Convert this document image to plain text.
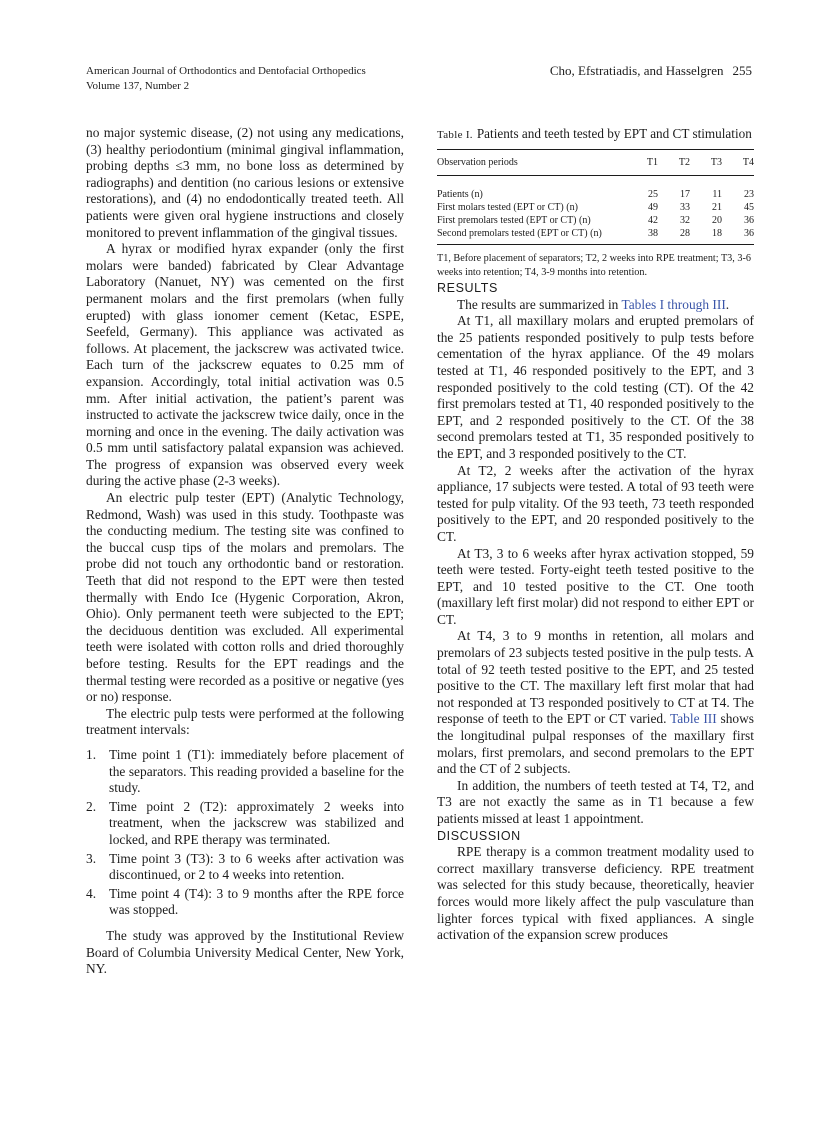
American Journal of Orthodontics and Dentofacial Orthopedics
Volume 137, Number 2
Cho, Efstratiadis, and Hasselgren 255

no major systemic disease, (2) not using any medications, (3) healthy periodontium (minimal gingival inflammation, probing depths ≤3 mm, no bone loss as determined by radiographs) and dentition (no carious lesions or extensive restorations), and (4) no endodontically treated teeth. All patients were given oral hygiene instructions and closely monitored to prevent inflammation of the gingival tissues.

A hyrax or modified hyrax expander (only the first molars were banded) fabricated by Clear Advantage Laboratory (Nanuet, NY) was cemented on the first permanent molars and the first premolars (when fully erupted) with glass ionomer cement (Ketac, ESPE, Seefeld, Germany). This appliance was activated as follows. At placement, the jackscrew was activated twice. Each turn of the jackscrew equates to 0.25 mm of expansion. Accordingly, total initial activation was 0.5 mm. After initial activation, the patient’s parent was instructed to activate the jackscrew twice daily, once in the morning and once in the evening. The daily activation was 0.5 mm until satisfactory palatal expansion was achieved. The progress of expansion was observed every week during the active phase (2-3 weeks).

An electric pulp tester (EPT) (Analytic Technology, Redmond, Wash) was used in this study. Toothpaste was the conducting medium. The testing site was confined to the buccal cusp tips of the molars and premolars. The probe did not touch any orthodontic band or restoration. Teeth that did not respond to the EPT were then tested thermally with Endo Ice (Hygenic Corporation, Akron, Ohio). Only permanent teeth were subjected to the EPT; the deciduous dentition was excluded. All experimental teeth were isolated with cotton rolls and dried thoroughly before testing. Results for the EPT readings and the thermal testing were recorded as a positive or negative (yes or no) response.

The electric pulp tests were performed at the following treatment intervals:

1. Time point 1 (T1): immediately before placement of the separators. This reading provided a baseline for the study.
2. Time point 2 (T2): approximately 2 weeks into treatment, when the jackscrew was stabilized and locked, and RPE therapy was terminated.
3. Time point 3 (T3): 3 to 6 weeks after activation was discontinued, or 2 to 4 weeks into retention.
4. Time point 4 (T4): 3 to 9 months after the RPE force was stopped.

The study was approved by the Institutional Review Board of Columbia University Medical Center, New York, NY.

Table I. Patients and teeth tested by EPT and CT stimulation
Observation periods	T1	T2	T3	T4
Patients (n)	25	17	11	23
First molars tested (EPT or CT) (n)	49	33	21	45
First premolars tested (EPT or CT) (n)	42	32	20	36
Second premolars tested (EPT or CT) (n)	38	28	18	36
T1, Before placement of separators; T2, 2 weeks into RPE treatment; T3, 3-6 weeks into retention; T4, 3-9 months into retention.
RESULTS

The results are summarized in Tables I through III.

At T1, all maxillary molars and erupted premolars of the 25 patients responded positively to pulp tests before cementation of the hyrax appliance. Of the 49 molars tested at T1, 46 responded positively to the EPT, and 3 responded positively to the cold testing (CT). Of the 42 first premolars tested at T1, 40 responded positively to the EPT, and 2 responded positively to the CT. Of the 38 second premolars tested at T1, 35 responded positively to the EPT, and 3 responded positively to the CT.

At T2, 2 weeks after the activation of the hyrax appliance, 17 subjects were tested. A total of 93 teeth were tested for pulp vitality. Of the 93 teeth, 73 teeth responded positively to the EPT, and 20 responded positively to the CT.

At T3, 3 to 6 weeks after hyrax activation stopped, 59 teeth were tested. Forty-eight teeth tested positive to the EPT, and 10 tested positive to the CT. One tooth (maxillary left first molar) did not respond to either EPT or CT.

At T4, 3 to 9 months in retention, all molars and premolars of 23 subjects tested positive in the pulp tests. A total of 92 teeth tested positive to the EPT, and 25 tested positive to the CT. The maxillary left first molar that had not responded at T3 responded positively to CT at T4. The response of teeth to the EPT or CT varied. Table III shows the longitudinal pulpal responses of the maxillary first molars, first premolars, and second premolars to the EPT and the CT of 2 subjects.

In addition, the numbers of teeth tested at T4, T2, and T3 are not exactly the same as in T1 because a few patients missed at least 1 appointment.

DISCUSSION

RPE therapy is a common treatment modality used to correct maxillary transverse deficiency. RPE treatment was selected for this study because, theoretically, heavier forces would more likely affect the pulp vasculature than lighter forces typical with fixed appliances. A single activation of the expansion screw produces
